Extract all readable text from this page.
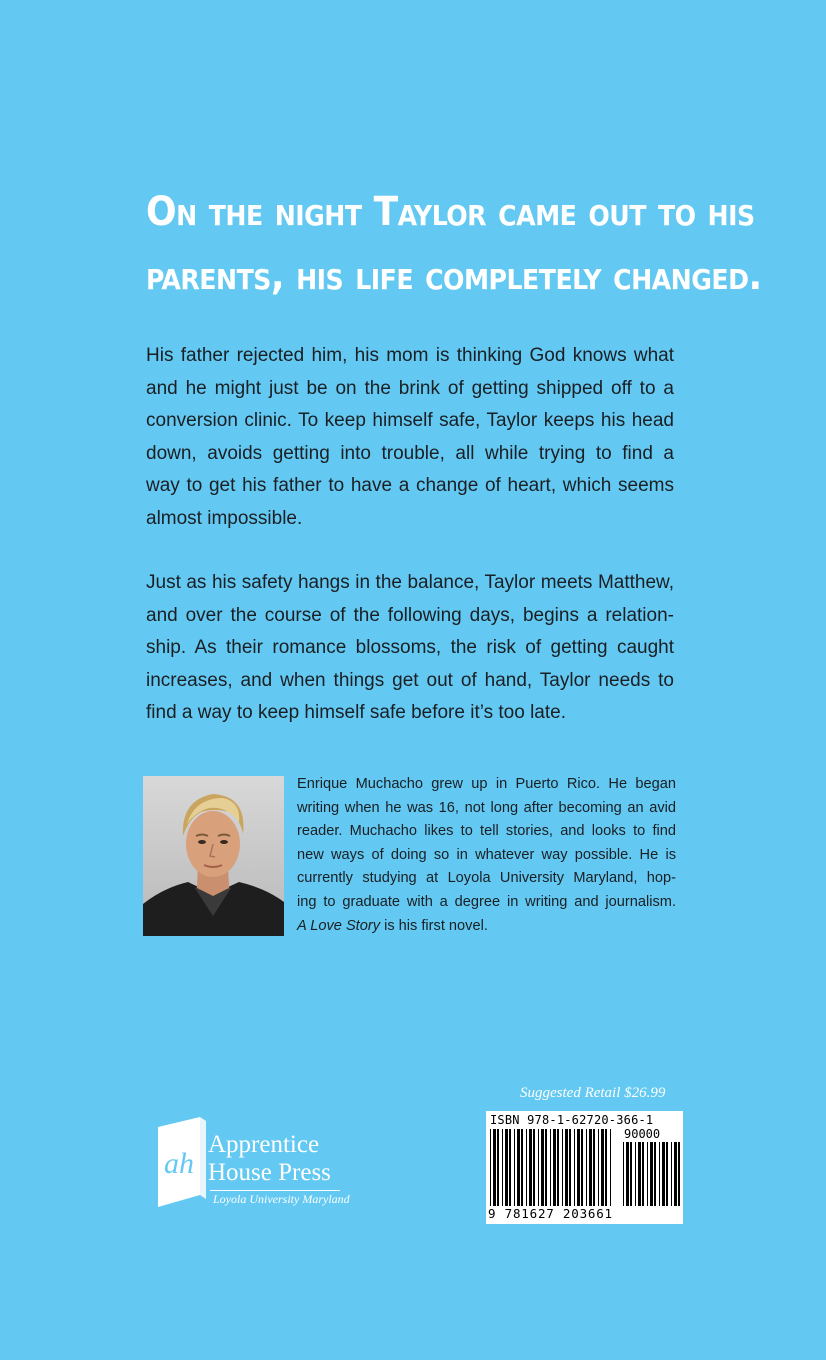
On the night Taylor came out to his
parents, his life completely changed.

His father rejected him, his mom is thinking God knows what
and he might just be on the brink of getting shipped off to a
conversion clinic. To keep himself safe, Taylor keeps his head
down, avoids getting into trouble, all while trying to find a
way to get his father to have a change of heart, which seems
almost impossible.

Just as his safety hangs in the balance, Taylor meets Matthew,
and over the course of the following days, begins a relation-
ship. As their romance blossoms, the risk of getting caught
increases, and when things get out of hand, Taylor needs to
find a way to keep himself safe before it’s too late.

Enrique Muchacho grew up in Puerto Rico. He began
writing when he was 16, not long after becoming an avid
reader. Muchacho likes to tell stories, and looks to find
new ways of doing so in whatever way possible. He is
currently studying at Loyola University Maryland, hop-
ing to graduate with a degree in writing and journalism.
A Love Story is his first novel.

ah

Apprentice
House Press

Loyola University Maryland
Suggested Retail $26.99
ISBN 978-1-62720-366-1
90000
9 781627 203661
